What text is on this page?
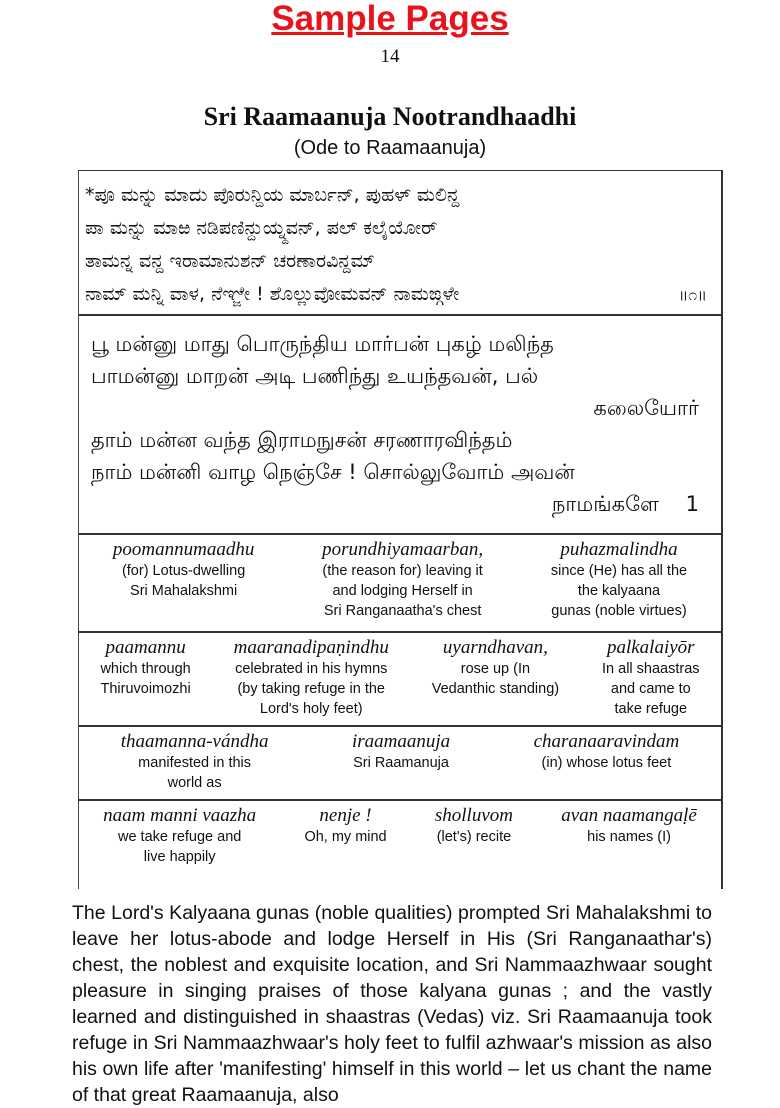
Sample Pages
14
Sri Raamaanuja Nootrandhaadhi
(Ode to Raamaanuja)
*ಪೂ ಮನ್ನು ಮಾದು ಪೊರುನ್ದಿಯ ಮಾರ್ಬನ್, ಪುಹಳ್ ಮಲಿನ್ದ
ಪಾ ಮನ್ನು ಮಾಱ ನಡಿಪಣಿನ್ದುಯ್ನ್ದವನ್, ಪಲ್ ಕಲೈಯೋರ್
ತಾಮನ್ನ ವನ್ದ ಇರಾಮಾನುಶನ್ ಚರಣಾರವಿನ್ದಮ್
ನಾಮ್ ಮನ್ನಿ ವಾಳ, ನೆಞ್ಜೇ ! ಶೊಲ್ಲುವೋಮವನ್ ನಾಮಙ್ಗಳೇ	॥೧॥
பூ மன்னு மாது பொருந்திய மார்பன் புகழ் மலிந்த
பாமன்னு மாறன் அடி பணிந்து உயந்தவன், பல்
கலையோர்
தாம் மன்ன வந்த இராமநுசன் சரணாரவிந்தம்
நாம் மன்னி வாழ நெஞ்சே ! சொல்லுவோம் அவன்
நாமங்களே    1
poomannumaadhu
(for) Lotus-dwelling
Sri Mahalakshmi
porundhiyamaarban,
(the reason for) leaving it
and lodging Herself in
Sri Ranganaatha's chest
puhazmalindha
since (He) has all the
the kalyaana
gunas (noble virtues)
paamannu
which through
Thiruvoimozhi
maaranadipaṇindhu
celebrated in his hymns
(by taking refuge in the
Lord's holy feet)
uyarndhavan,
rose up (In
Vedanthic standing)
palkalaiyōr
In all shaastras
and came to
take refuge
thaamanna-vándha
manifested in this
world as
iraamaanuja
Sri Raamanuja
charanaaravindam
(in) whose lotus feet
naam manni vaazha
we take refuge and
live happily
nenje !
Oh, my mind
sholluvom
(let's) recite
avan naamangaḷē
his names (I)
The Lord's Kalyaana gunas (noble qualities) prompted Sri Mahalakshmi to leave her lotus-abode and lodge Herself in His (Sri Ranganaathar's) chest, the noblest and exquisite location, and Sri Nammaazhwaar sought pleasure in singing praises of those kalyana gunas ; and the vastly learned and distinguished in shaastras (Vedas) viz. Sri Raamaanuja took refuge in Sri Nammaazhwaar's holy feet to fulfil azhwaar's mission as also his own life after 'manifesting' himself in this world – let us chant the name of that great Raamaanuja, also
